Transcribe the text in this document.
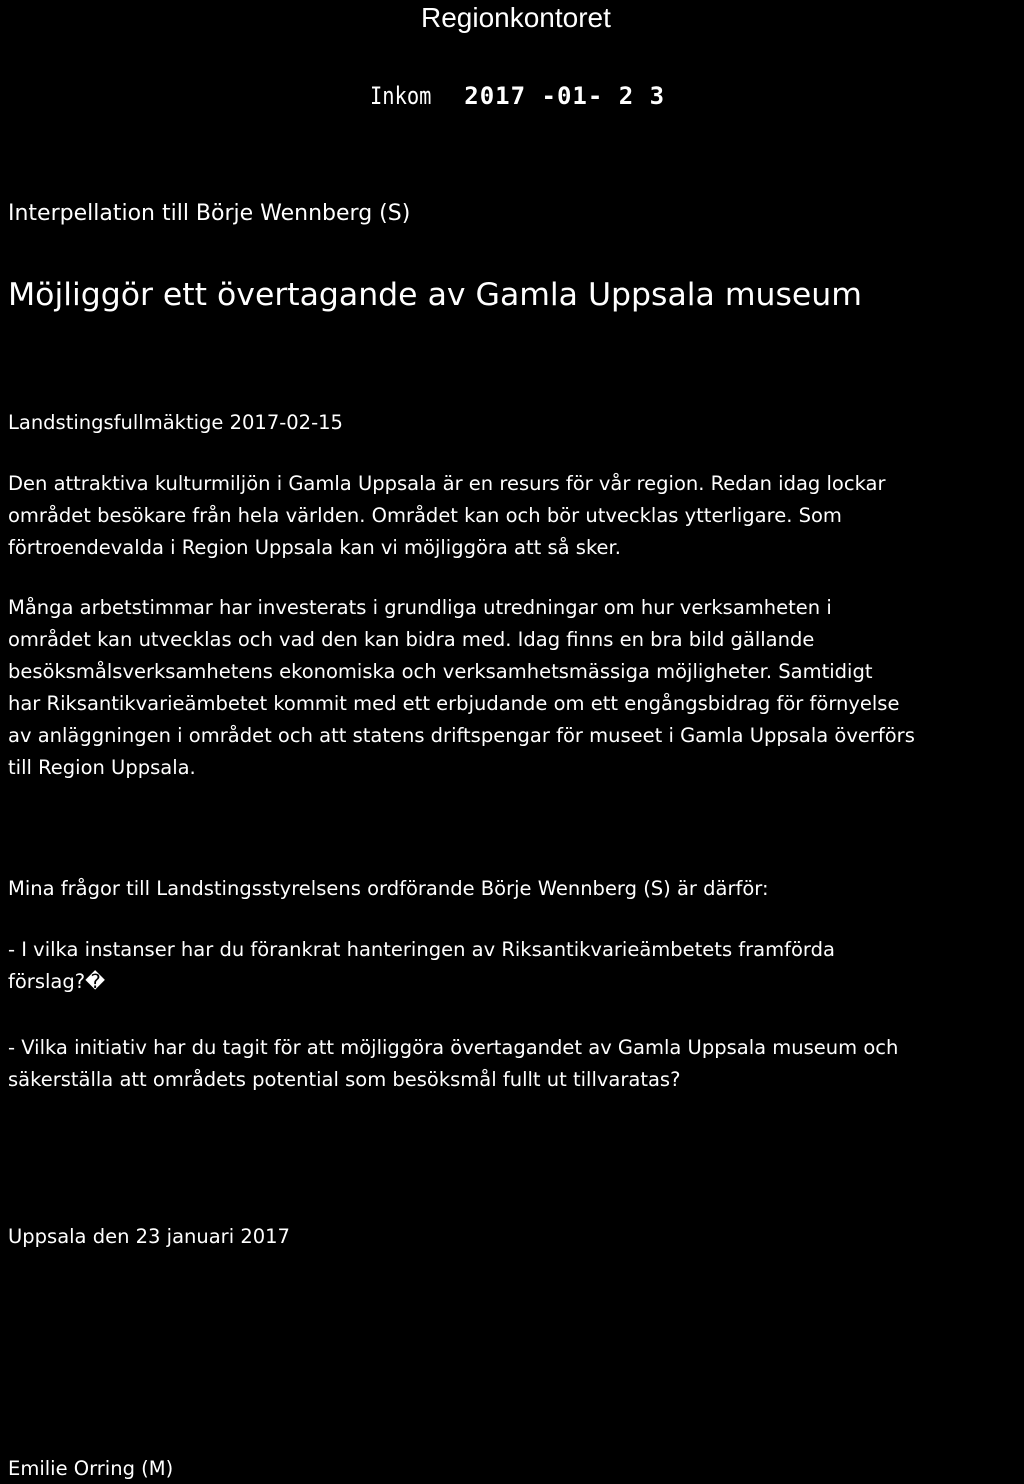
Regionkontoret
Inkom 2017 -01- 2 3
Interpellation till Börje Wennberg (S)
Möjliggör ett övertagande av Gamla Uppsala museum
Landstingsfullmäktige 2017-02-15

Den attraktiva kulturmiljön i Gamla Uppsala är en resurs för vår region. Redan idag lockar
området besökare från hela världen. Området kan och bör utvecklas ytterligare. Som
förtroendevalda i Region Uppsala kan vi möjliggöra att så sker.

Många arbetstimmar har investerats i grundliga utredningar om hur verksamheten i
området kan utvecklas och vad den kan bidra med. Idag finns en bra bild gällande
besöksmålsverksamhetens ekonomiska och verksamhetsmässiga möjligheter. Samtidigt
har Riksantikvarieämbetet kommit med ett erbjudande om ett engångsbidrag för förnyelse
av anläggningen i området och att statens driftspengar för museet i Gamla Uppsala överförs
till Region Uppsala.

Mina frågor till Landstingsstyrelsens ordförande Börje Wennberg (S) är därför:

- I vilka instanser har du förankrat hanteringen av Riksantikvarieämbetets framförda
förslag?�

- Vilka initiativ har du tagit för att möjliggöra övertagandet av Gamla Uppsala museum och
säkerställa att områdets potential som besöksmål fullt ut tillvaratas?

Uppsala den 23 januari 2017
Emilie Orring (M)
